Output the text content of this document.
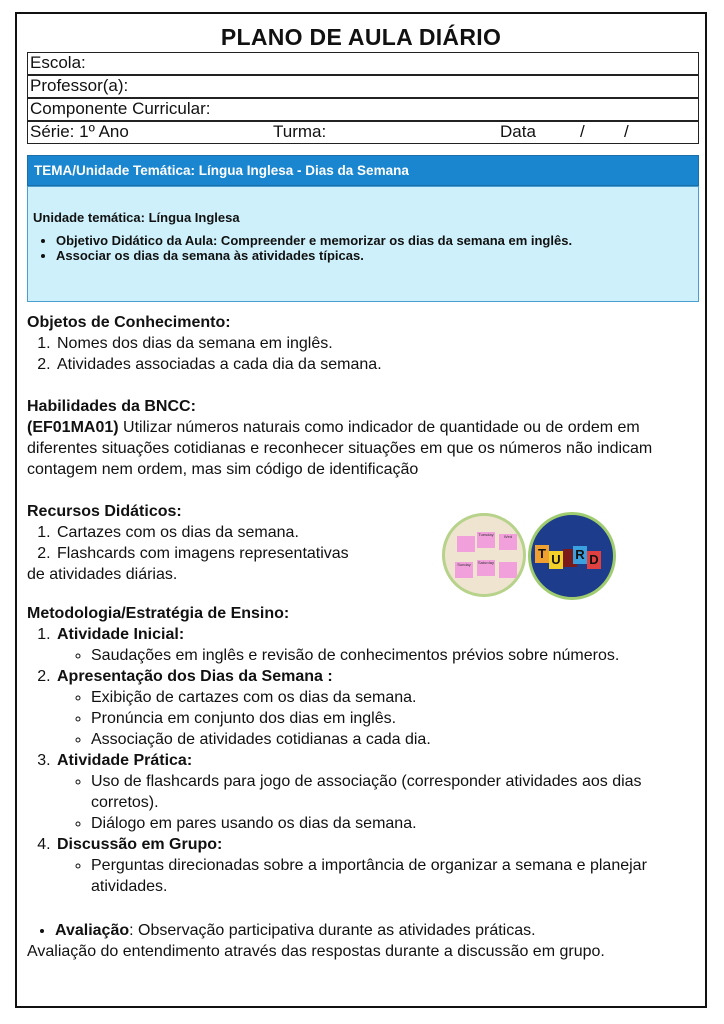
PLANO DE AULA DIÁRIO
Escola:
Professor(a):
Componente Curricular:
Série: 1º Ano	Turma:	Data	/ /
TEMA/Unidade Temática: Língua Inglesa - Dias da Semana
Unidade temática: Língua Inglesa
• Objetivo Didático da Aula: Compreender e memorizar os dias da semana em inglês.
• Associar os dias da semana às atividades típicas.
Objetos de Conhecimento:
1. Nomes dos dias da semana em inglês.
2. Atividades associadas a cada dia da semana.
Habilidades da BNCC:
(EF01MA01) Utilizar números naturais como indicador de quantidade ou de ordem em diferentes situações cotidianas e reconhecer situações em que os números não indicam contagem nem ordem, mas sim código de identificação
Recursos Didáticos:
1. Cartazes com os dias da semana.
2. Flashcards com imagens representativas
de atividades diárias.
Tuesday	Wed
Sunday	Saturday
T U R D
Metodologia/Estratégia de Ensino:
1. Atividade Inicial:
◦ Saudações em inglês e revisão de conhecimentos prévios sobre números.
2. Apresentação dos Dias da Semana :
◦ Exibição de cartazes com os dias da semana.
◦ Pronúncia em conjunto dos dias em inglês.
◦ Associação de atividades cotidianas a cada dia.
3. Atividade Prática:
◦ Uso de flashcards para jogo de associação (corresponder atividades aos dias corretos).
◦ Diálogo em pares usando os dias da semana.
4. Discussão em Grupo:
◦ Perguntas direcionadas sobre a importância de organizar a semana e planejar atividades.
• Avaliação: Observação participativa durante as atividades práticas.
Avaliação do entendimento através das respostas durante a discussão em grupo.
